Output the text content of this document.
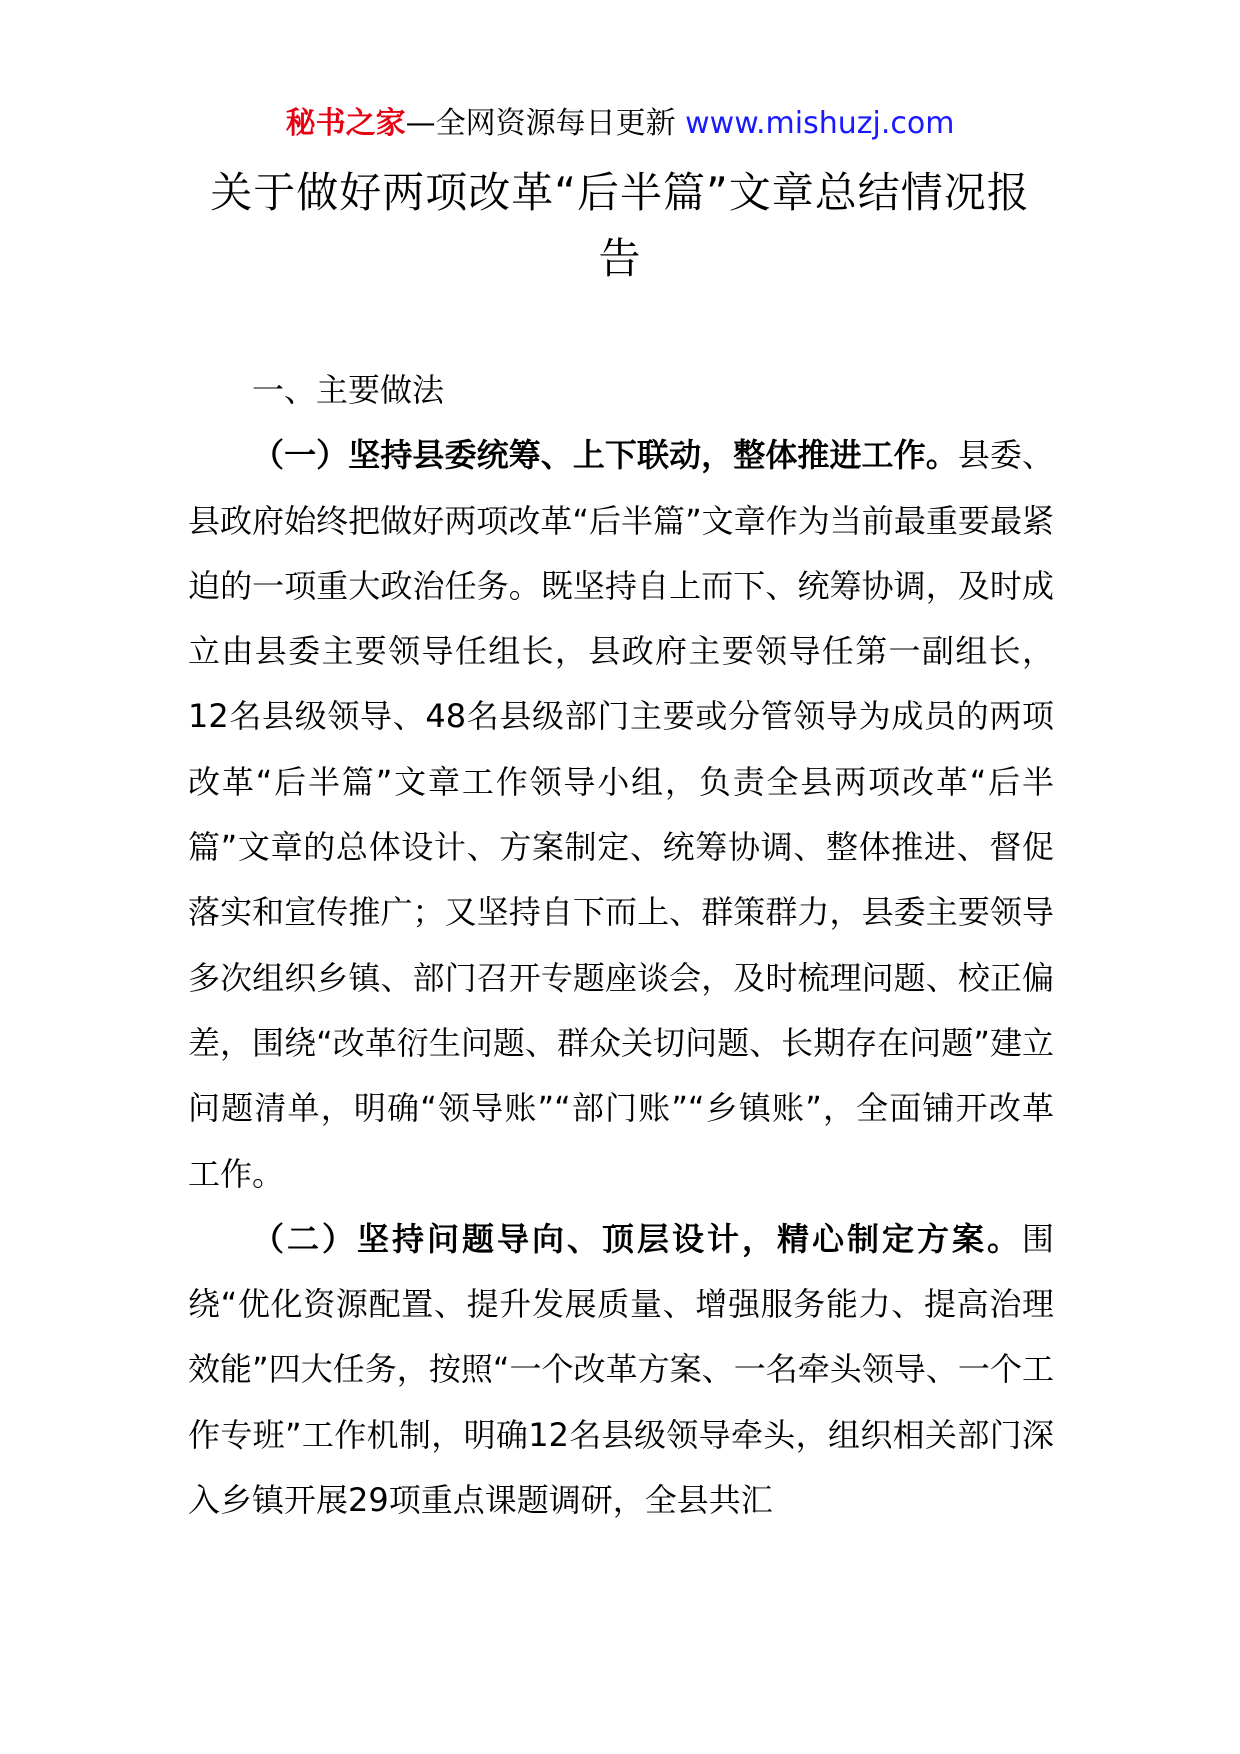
秘书之家—全网资源每日更新 www.mishuzj.com
关于做好两项改革“后半篇”文章总结情况报告

一、主要做法

（一）坚持县委统筹、上下联动，整体推进工作。县委、县政府始终把做好两项改革“后半篇”文章作为当前最重要最紧迫的一项重大政治任务。既坚持自上而下、统筹协调，及时成立由县委主要领导任组长，县政府主要领导任第一副组长，12名县级领导、48名县级部门主要或分管领导为成员的两项改革“后半篇”文章工作领导小组，负责全县两项改革“后半篇”文章的总体设计、方案制定、统筹协调、整体推进、督促落实和宣传推广；又坚持自下而上、群策群力，县委主要领导多次组织乡镇、部门召开专题座谈会，及时梳理问题、校正偏差，围绕“改革衍生问题、群众关切问题、长期存在问题”建立问题清单，明确“领导账”“部门账”“乡镇账”，全面铺开改革工作。

（二）坚持问题导向、顶层设计，精心制定方案。围绕“优化资源配置、提升发展质量、增强服务能力、提高治理效能”四大任务，按照“一个改革方案、一名牵头领导、一个工作专班”工作机制，明确12名县级领导牵头，组织相关部门深入乡镇开展29项重点课题调研，全县共汇
